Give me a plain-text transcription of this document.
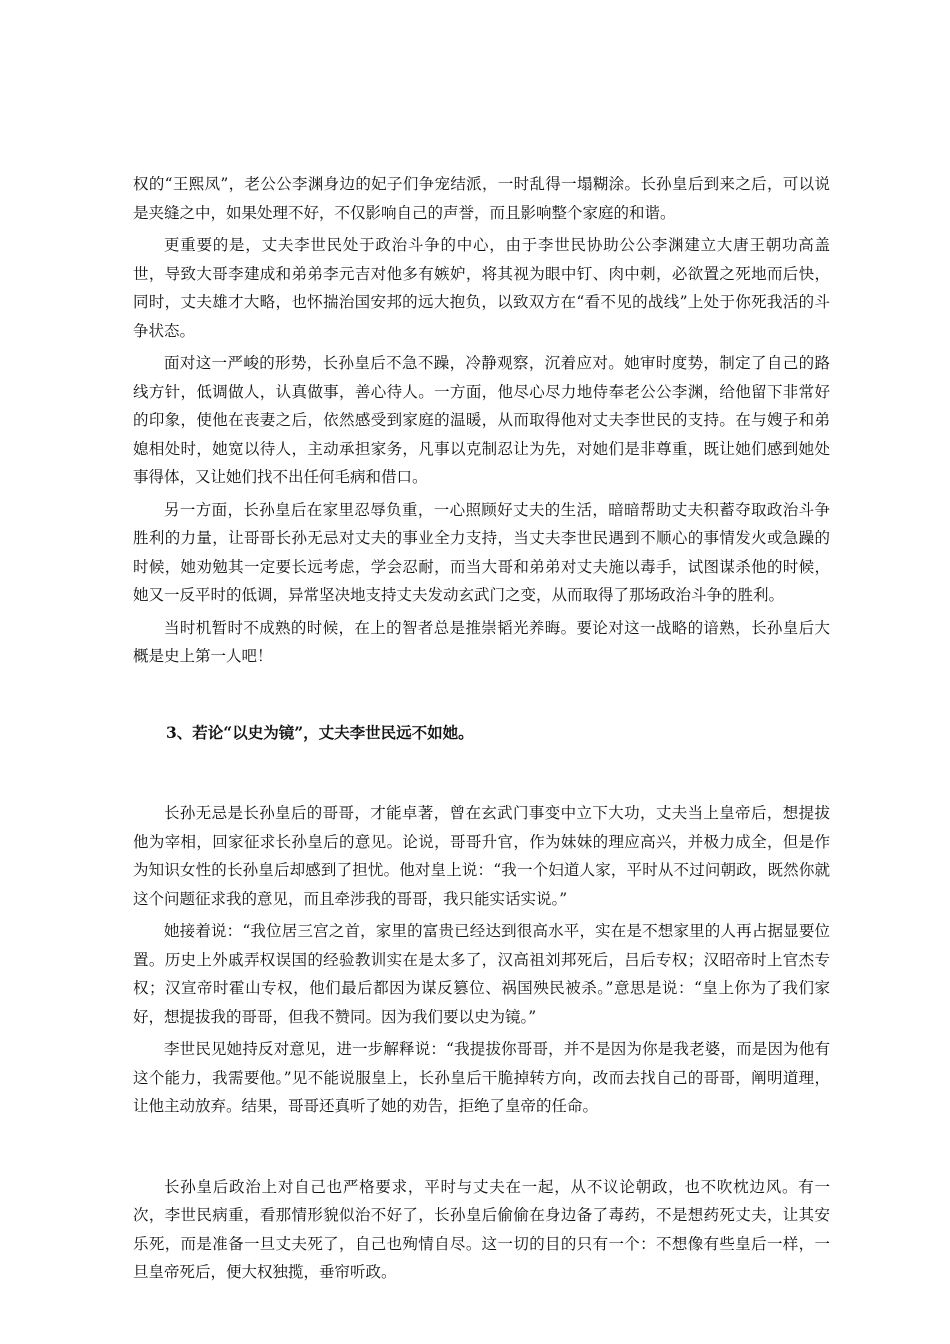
权的“王熙凤”，老公公李渊身边的妃子们争宠结派，一时乱得一塌糊涂。长孙皇后到来之后，可以说是夹缝之中，如果处理不好，不仅影响自己的声誉，而且影响整个家庭的和谐。

更重要的是，丈夫李世民处于政治斗争的中心，由于李世民协助公公李渊建立大唐王朝功高盖世，导致大哥李建成和弟弟李元吉对他多有嫉妒，将其视为眼中钉、肉中刺，必欲置之死地而后快，同时，丈夫雄才大略，也怀揣治国安邦的远大抱负，以致双方在“看不见的战线”上处于你死我活的斗争状态。

面对这一严峻的形势，长孙皇后不急不躁，冷静观察，沉着应对。她审时度势，制定了自己的路线方针，低调做人，认真做事，善心待人。一方面，他尽心尽力地侍奉老公公李渊，给他留下非常好的印象，使他在丧妻之后，依然感受到家庭的温暖，从而取得他对丈夫李世民的支持。在与嫂子和弟媳相处时，她宽以待人，主动承担家务，凡事以克制忍让为先，对她们是非尊重，既让她们感到她处事得体，又让她们找不出任何毛病和借口。

另一方面，长孙皇后在家里忍辱负重，一心照顾好丈夫的生活，暗暗帮助丈夫积蓄夺取政治斗争胜利的力量，让哥哥长孙无忌对丈夫的事业全力支持，当丈夫李世民遇到不顺心的事情发火或急躁的时候，她劝勉其一定要长远考虑，学会忍耐，而当大哥和弟弟对丈夫施以毒手，试图谋杀他的时候，她又一反平时的低调，异常坚决地支持丈夫发动玄武门之变，从而取得了那场政治斗争的胜利。

当时机暂时不成熟的时候，在上的智者总是推崇韬光养晦。要论对这一战略的谙熟，长孙皇后大概是史上第一人吧！

3、若论“以史为镜”，丈夫李世民远不如她。

长孙无忌是长孙皇后的哥哥，才能卓著，曾在玄武门事变中立下大功，丈夫当上皇帝后，想提拔他为宰相，回家征求长孙皇后的意见。论说，哥哥升官，作为妹妹的理应高兴，并极力成全，但是作为知识女性的长孙皇后却感到了担忧。他对皇上说：“我一个妇道人家，平时从不过问朝政，既然你就这个问题征求我的意见，而且牵涉我的哥哥，我只能实话实说。”

她接着说：“我位居三宫之首，家里的富贵已经达到很高水平，实在是不想家里的人再占据显要位置。历史上外戚弄权误国的经验教训实在是太多了，汉高祖刘邦死后，吕后专权；汉昭帝时上官杰专权；汉宣帝时霍山专权，他们最后都因为谋反篡位、祸国殃民被杀。”意思是说：“皇上你为了我们家好，想提拔我的哥哥，但我不赞同。因为我们要以史为镜。”

李世民见她持反对意见，进一步解释说：“我提拔你哥哥，并不是因为你是我老婆，而是因为他有这个能力，我需要他。”见不能说服皇上，长孙皇后干脆掉转方向，改而去找自己的哥哥，阐明道理，让他主动放弃。结果，哥哥还真听了她的劝告，拒绝了皇帝的任命。

长孙皇后政治上对自己也严格要求，平时与丈夫在一起，从不议论朝政，也不吹枕边风。有一次，李世民病重，看那情形貌似治不好了，长孙皇后偷偷在身边备了毒药，不是想药死丈夫，让其安乐死，而是准备一旦丈夫死了，自己也殉情自尽。这一切的目的只有一个：不想像有些皇后一样，一旦皇帝死后，便大权独揽，垂帘听政。
